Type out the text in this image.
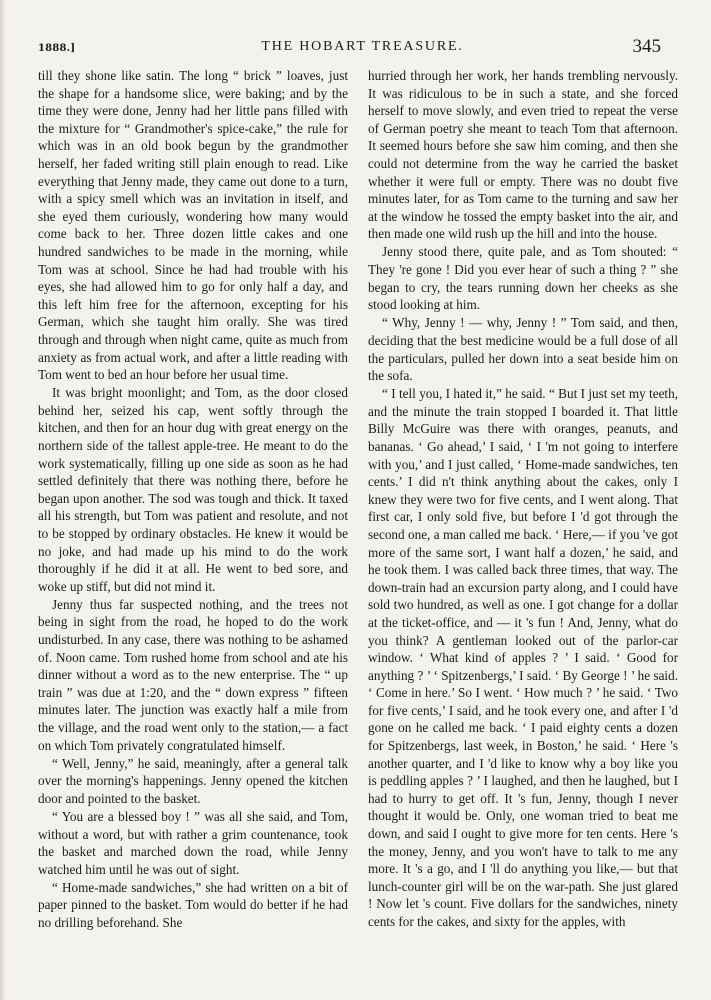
1888.]	THE HOBART TREASURE.	345

till they shone like satin. The long “ brick ” loaves, just the shape for a handsome slice, were baking; and by the time they were done, Jenny had her little pans filled with the mixture for “ Grandmother's spice-cake,” the rule for which was in an old book begun by the grandmother herself, her faded writing still plain enough to read. Like everything that Jenny made, they came out done to a turn, with a spicy smell which was an invitation in itself, and she eyed them curiously, wondering how many would come back to her. Three dozen little cakes and one hundred sandwiches to be made in the morning, while Tom was at school. Since he had had trouble with his eyes, she had allowed him to go for only half a day, and this left him free for the afternoon, excepting for his German, which she taught him orally. She was tired through and through when night came, quite as much from anxiety as from actual work, and after a little reading with Tom went to bed an hour before her usual time.

It was bright moonlight; and Tom, as the door closed behind her, seized his cap, went softly through the kitchen, and then for an hour dug with great energy on the northern side of the tallest apple-tree. He meant to do the work systematically, filling up one side as soon as he had settled definitely that there was nothing there, before he began upon another. The sod was tough and thick. It taxed all his strength, but Tom was patient and resolute, and not to be stopped by ordinary obstacles. He knew it would be no joke, and had made up his mind to do the work thoroughly if he did it at all. He went to bed sore, and woke up stiff, but did not mind it.

Jenny thus far suspected nothing, and the trees not being in sight from the road, he hoped to do the work undisturbed. In any case, there was nothing to be ashamed of. Noon came. Tom rushed home from school and ate his dinner without a word as to the new enterprise. The “ up train ” was due at 1:20, and the “ down express ” fifteen minutes later. The junction was exactly half a mile from the village, and the road went only to the station,— a fact on which Tom privately congratulated himself.

“ Well, Jenny,” he said, meaningly, after a general talk over the morning's happenings. Jenny opened the kitchen door and pointed to the basket.

“ You are a blessed boy ! ” was all she said, and Tom, without a word, but with rather a grim countenance, took the basket and marched down the road, while Jenny watched him until he was out of sight.

“ Home-made sandwiches,” she had written on a bit of paper pinned to the basket. Tom would do better if he had no drilling beforehand. She

hurried through her work, her hands trembling nervously. It was ridiculous to be in such a state, and she forced herself to move slowly, and even tried to repeat the verse of German poetry she meant to teach Tom that afternoon. It seemed hours before she saw him coming, and then she could not determine from the way he carried the basket whether it were full or empty. There was no doubt five minutes later, for as Tom came to the turning and saw her at the window he tossed the empty basket into the air, and then made one wild rush up the hill and into the house.

Jenny stood there, quite pale, and as Tom shouted: “ They 're gone ! Did you ever hear of such a thing ? ” she began to cry, the tears running down her cheeks as she stood looking at him.

“ Why, Jenny ! — why, Jenny ! ” Tom said, and then, deciding that the best medicine would be a full dose of all the particulars, pulled her down into a seat beside him on the sofa.

“ I tell you, I hated it,” he said. “ But I just set my teeth, and the minute the train stopped I boarded it. That little Billy McGuire was there with oranges, peanuts, and bananas. ‘ Go ahead,’ I said, ‘ I 'm not going to interfere with you,’ and I just called, ‘ Home-made sandwiches, ten cents.’ I did n't think anything about the cakes, only I knew they were two for five cents, and I went along. That first car, I only sold five, but before I 'd got through the second one, a man called me back. ‘ Here,— if you 've got more of the same sort, I want half a dozen,’ he said, and he took them. I was called back three times, that way. The down-train had an excursion party along, and I could have sold two hundred, as well as one. I got change for a dollar at the ticket-office, and — it 's fun ! And, Jenny, what do you think? A gentleman looked out of the parlor-car window. ‘ What kind of apples ? ’ I said. ‘ Good for anything ? ’ ‘ Spitzenbergs,’ I said. ‘ By George ! ’ he said. ‘ Come in here.’ So I went. ‘ How much ? ’ he said. ‘ Two for five cents,’ I said, and he took every one, and after I 'd gone on he called me back. ‘ I paid eighty cents a dozen for Spitzenbergs, last week, in Boston,’ he said. ‘ Here 's another quarter, and I 'd like to know why a boy like you is peddling apples ? ’ I laughed, and then he laughed, but I had to hurry to get off. It 's fun, Jenny, though I never thought it would be. Only, one woman tried to beat me down, and said I ought to give more for ten cents. Here 's the money, Jenny, and you won't have to talk to me any more. It 's a go, and I 'll do anything you like,— but that lunch-counter girl will be on the war-path. She just glared ! Now let 's count. Five dollars for the sandwiches, ninety cents for the cakes, and sixty for the apples, with
